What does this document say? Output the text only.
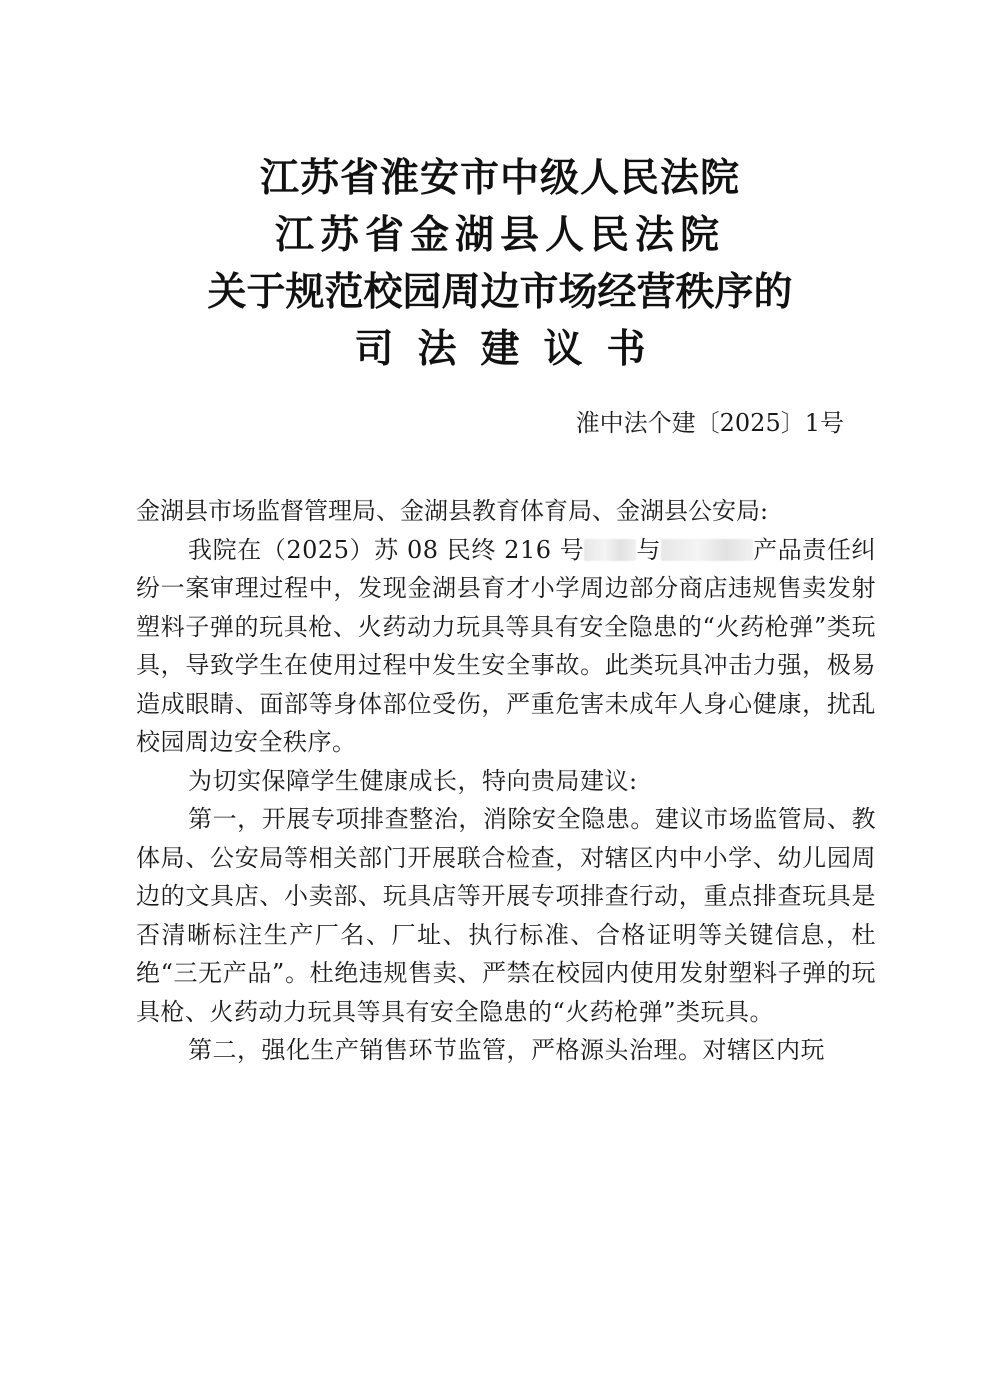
江苏省淮安市中级人民法院
江苏省金湖县人民法院
关于规范校园周边市场经营秩序的
司法建议书
淮中法个建〔2025〕1号

金湖县市场监督管理局、金湖县教育体育局、金湖县公安局:

我院在（2025）苏 08 民终 216 号 与	产品责任纠纷一案审理过程中，发现金湖县育才小学周边部分商店违规售卖发射塑料子弹的玩具枪、火药动力玩具等具有安全隐患的“火药枪弹”类玩具，导致学生在使用过程中发生安全事故。此类玩具冲击力强，极易造成眼睛、面部等身体部位受伤，严重危害未成年人身心健康，扰乱校园周边安全秩序。

为切实保障学生健康成长，特向贵局建议:

第一，开展专项排查整治，消除安全隐患。建议市场监管局、教体局、公安局等相关部门开展联合检查，对辖区内中小学、幼儿园周边的文具店、小卖部、玩具店等开展专项排查行动，重点排查玩具是否清晰标注生产厂名、厂址、执行标准、合格证明等关键信息，杜绝“三无产品”。杜绝违规售卖、严禁在校园内使用发射塑料子弹的玩具枪、火药动力玩具等具有安全隐患的“火药枪弹”类玩具。

第二，强化生产销售环节监管，严格源头治理。对辖区内玩
